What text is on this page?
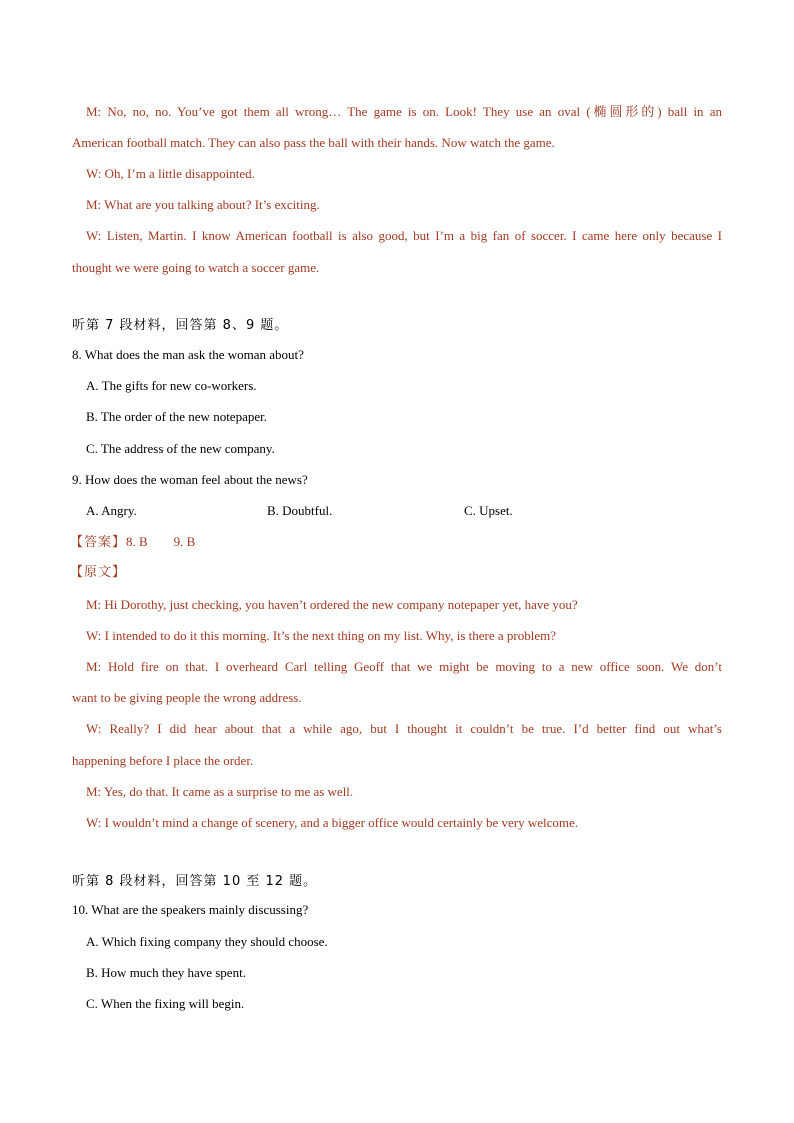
M: No, no, no. You’ve got them all wrong… The game is on. Look! They use an oval (椭圆形的) ball in an
American football match. They can also pass the ball with their hands. Now watch the game.
W: Oh, I’m a little disappointed.
M: What are you talking about? It’s exciting.
W: Listen, Martin. I know American football is also good, but I’m a big fan of soccer. I came here only because I
thought we were going to watch a soccer game.
听第 7 段材料，回答第 8、9 题。
8. What does the man ask the woman about?
A. The gifts for new co-workers.
B. The order of the new notepaper.
C. The address of the new company.
9. How does the woman feel about the news?
A. Angry.	B. Doubtful.	C. Upset.
【答案】8. B        9. B
【原文】
M: Hi Dorothy, just checking, you haven’t ordered the new company notepaper yet, have you?
W: I intended to do it this morning. It’s the next thing on my list. Why, is there a problem?
M: Hold fire on that. I overheard Carl telling Geoff that we might be moving to a new office soon. We don’t
want to be giving people the wrong address.
W: Really? I did hear about that a while ago, but I thought it couldn’t be true. I’d better find out what’s
happening before I place the order.
M: Yes, do that. It came as a surprise to me as well.
W: I wouldn’t mind a change of scenery, and a bigger office would certainly be very welcome.
听第 8 段材料，回答第 10 至 12 题。
10. What are the speakers mainly discussing?
A. Which fixing company they should choose.
B. How much they have spent.
C. When the fixing will begin.
